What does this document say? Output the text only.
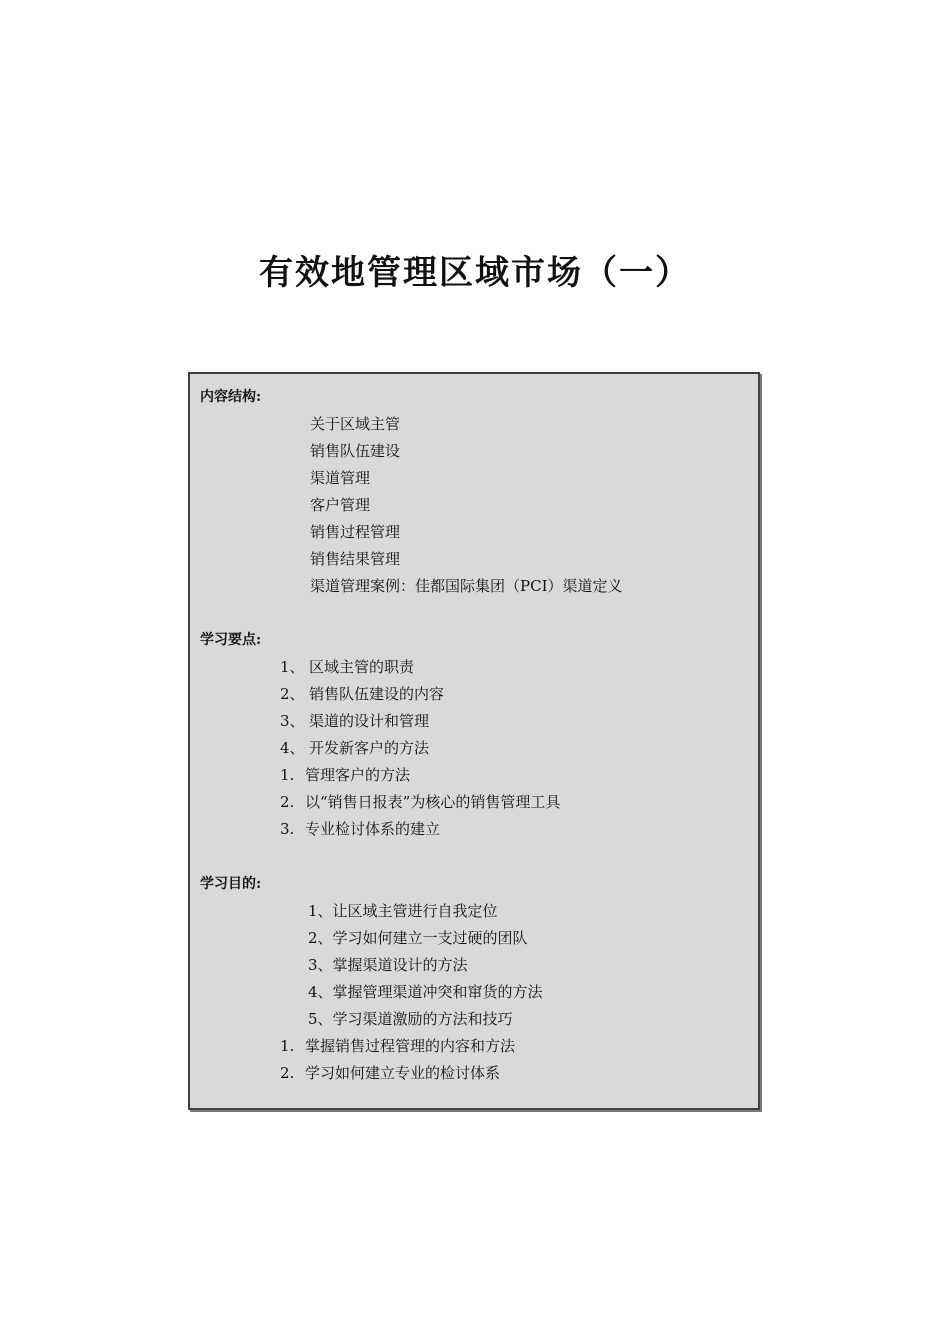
有效地管理区域市场（一）
内容结构:
关于区域主管
销售队伍建设
渠道管理
客户管理
销售过程管理
销售结果管理
渠道管理案例：佳都国际集团（PCI）渠道定义
学习要点:
1、 区域主管的职责
2、 销售队伍建设的内容
3、 渠道的设计和管理
4、 开发新客户的方法
1. 管理客户的方法
2. 以“销售日报表”为核心的销售管理工具
3. 专业检讨体系的建立
学习目的:
1、让区域主管进行自我定位
2、学习如何建立一支过硬的团队
3、掌握渠道设计的方法
4、掌握管理渠道冲突和窜货的方法
5、学习渠道激励的方法和技巧
1. 掌握销售过程管理的内容和方法
2. 学习如何建立专业的检讨体系
